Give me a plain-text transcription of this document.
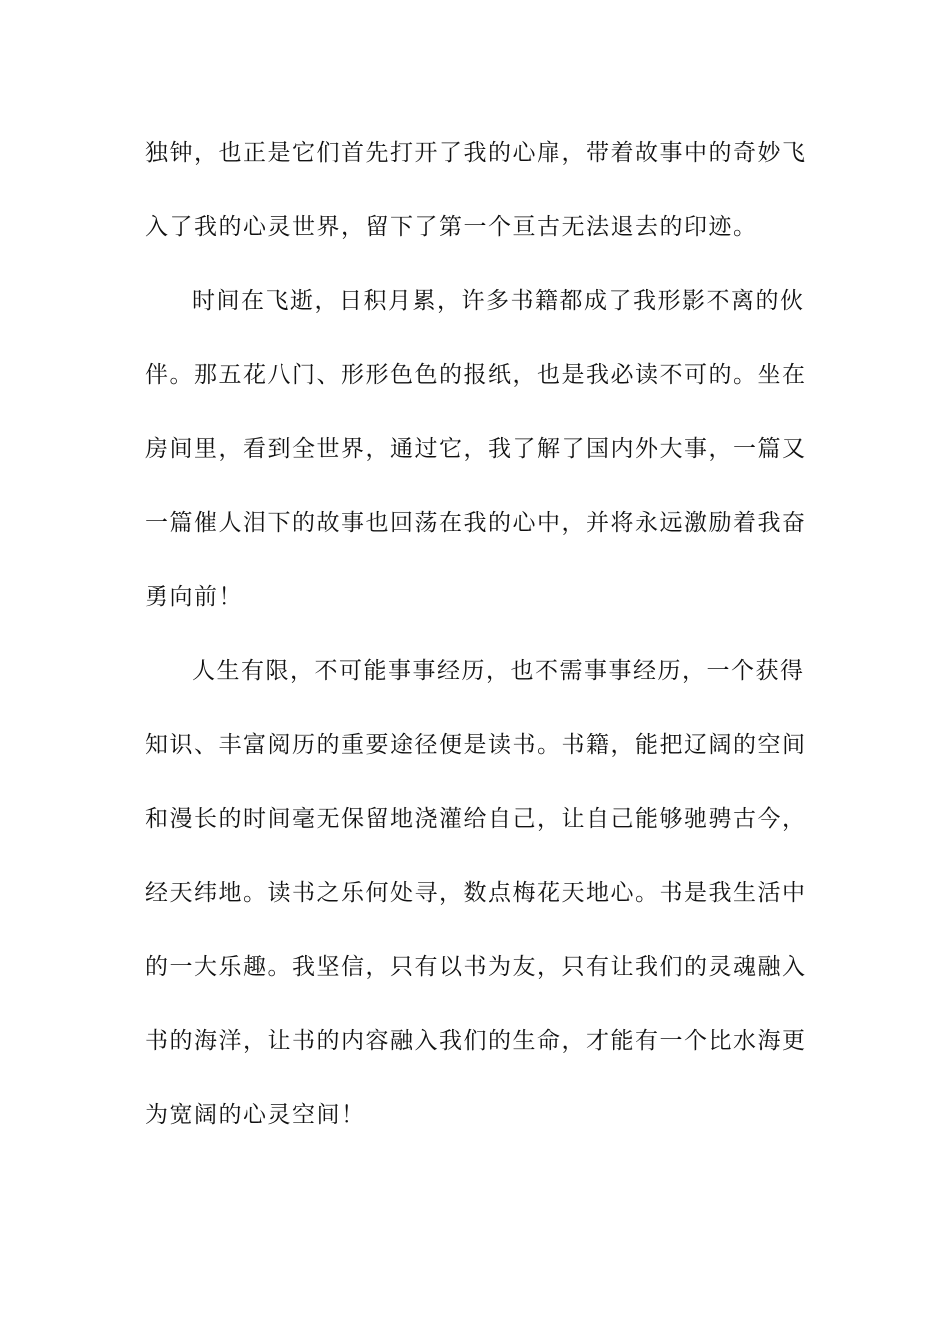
独钟，也正是它们首先打开了我的心扉，带着故事中的奇妙飞
入了我的心灵世界，留下了第一个亘古无法退去的印迹。
时间在飞逝，日积月累，许多书籍都成了我形影不离的伙
伴。那五花八门、形形色色的报纸，也是我必读不可的。坐在
房间里，看到全世界，通过它，我了解了国内外大事，一篇又
一篇催人泪下的故事也回荡在我的心中，并将永远激励着我奋
勇向前！
人生有限，不可能事事经历，也不需事事经历，一个获得
知识、丰富阅历的重要途径便是读书。书籍，能把辽阔的空间
和漫长的时间毫无保留地浇灌给自己，让自己能够驰骋古今，
经天纬地。读书之乐何处寻，数点梅花天地心。书是我生活中
的一大乐趣。我坚信，只有以书为友，只有让我们的灵魂融入
书的海洋，让书的内容融入我们的生命，才能有一个比水海更
为宽阔的心灵空间！
